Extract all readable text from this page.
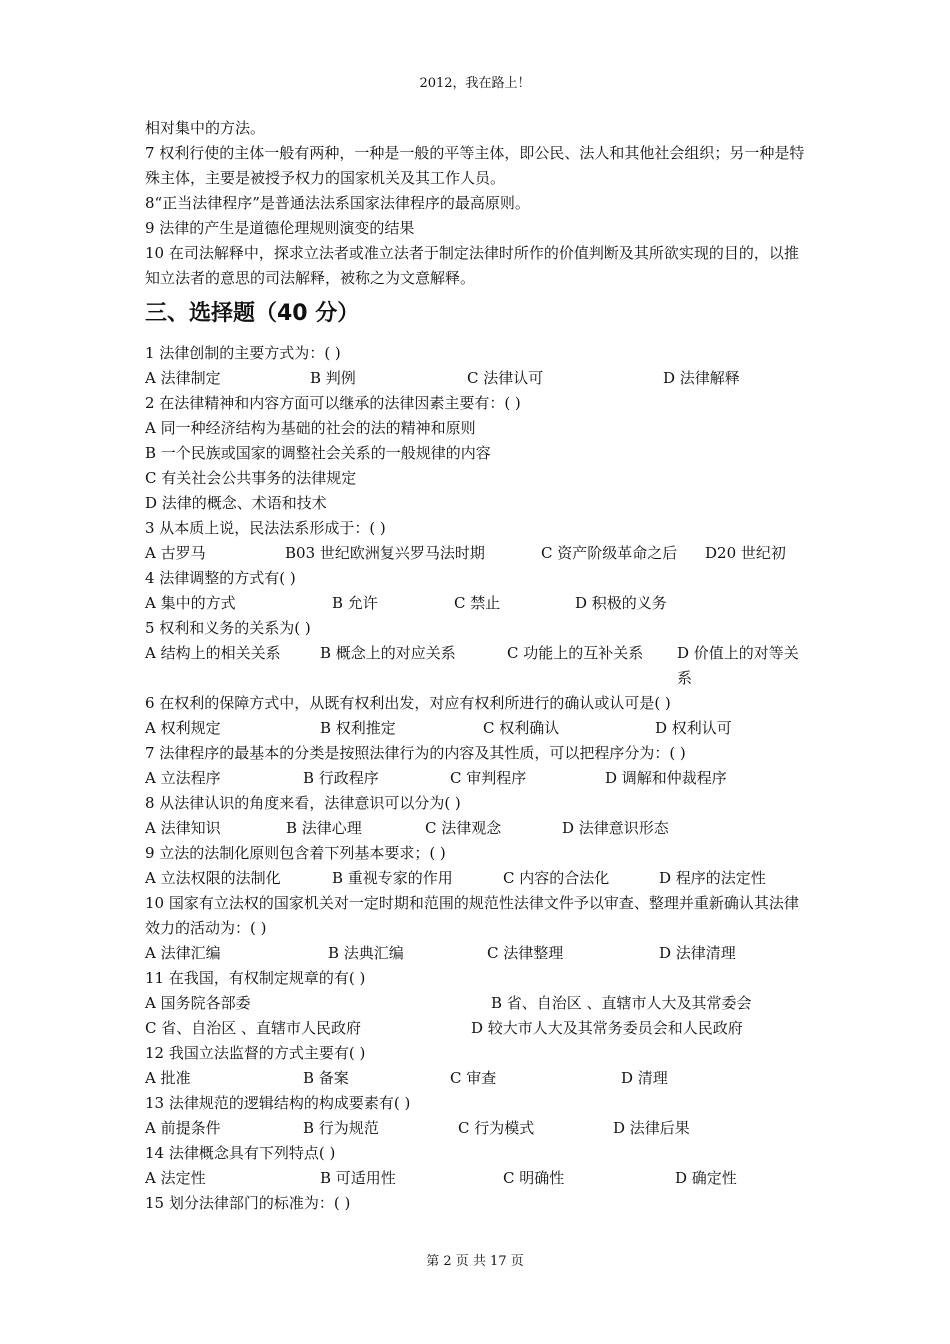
2012，我在路上！

相对集中的方法。

7 权利行使的主体一般有两种，一种是一般的平等主体，即公民、法人和其他社会组织；另一种是特殊主体，主要是被授予权力的国家机关及其工作人员。

8“正当法律程序”是普通法法系国家法律程序的最高原则。

9 法律的产生是道德伦理规则演变的结果

10 在司法解释中，探求立法者或准立法者于制定法律时所作的价值判断及其所欲实现的目的，以推知立法者的意思的司法解释，被称之为文意解释。

三、选择题（40 分）

1 法律创制的主要方式为：( )

A 法律制定	B 判例	C 法律认可	D 法律解释

2 在法律精神和内容方面可以继承的法律因素主要有：( )

A 同一种经济结构为基础的社会的法的精神和原则

B 一个民族或国家的调整社会关系的一般规律的内容

C 有关社会公共事务的法律规定

D 法律的概念、术语和技术

3 从本质上说，民法法系形成于：( )

A 古罗马	B03 世纪欧洲复兴罗马法时期	C 资产阶级革命之后 D20 世纪初

4 法律调整的方式有( )

A 集中的方式	B 允许	C 禁止	D 积极的义务

5 权利和义务的关系为( )

A 结构上的相关关系	B 概念上的对应关系	C 功能上的互补关系 D 价值上的对等关系

6 在权利的保障方式中，从既有权利出发，对应有权利所进行的确认或认可是( )

A 权利规定	B 权利推定	C 权利确认	D 权利认可

7 法律程序的最基本的分类是按照法律行为的内容及其性质，可以把程序分为：( )

A 立法程序	B 行政程序	C 审判程序	D 调解和仲裁程序

8 从法律认识的角度来看，法律意识可以分为( )

A 法律知识	B 法律心理	C 法律观念	D 法律意识形态

9 立法的法制化原则包含着下列基本要求；( )

A 立法权限的法制化	B 重视专家的作用	C 内容的合法化	D 程序的法定性

10 国家有立法权的国家机关对一定时期和范围的规范性法律文件予以审查、整理并重新确认其法律效力的活动为：( )

A 法律汇编	B 法典汇编	C 法律整理	D 法律清理

11 在我国，有权制定规章的有( )

A 国务院各部委	B 省、自治区 、直辖市人大及其常委会
C 省、自治区 、直辖市人民政府	D 较大市人大及其常务委员会和人民政府

12 我国立法监督的方式主要有( )

A 批准	B 备案	C 审查	D 清理

13 法律规范的逻辑结构的构成要素有( )

A 前提条件	B 行为规范	C 行为模式	D 法律后果

14 法律概念具有下列特点( )

A 法定性	B 可适用性	C 明确性	D 确定性

15 划分法律部门的标准为：( )

第 2 页 共 17 页
